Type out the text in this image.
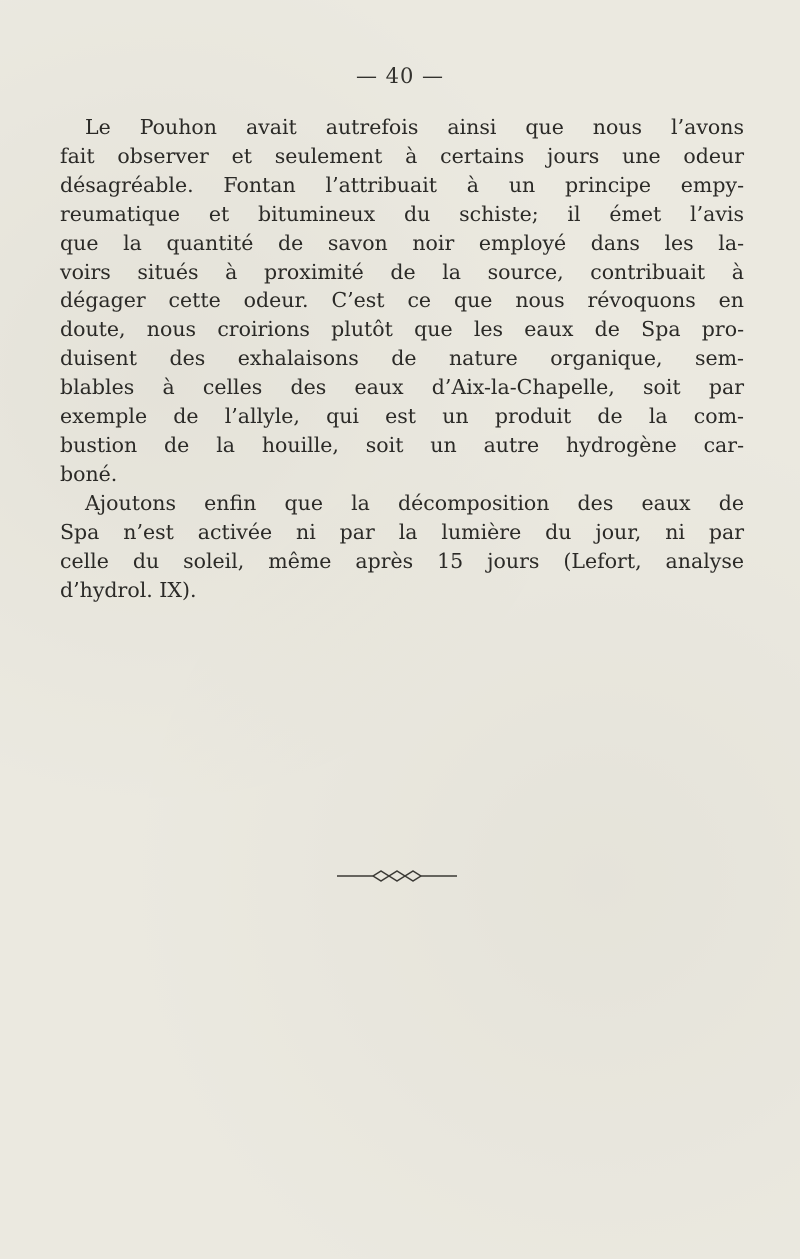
— 40 —

Le Pouhon avait autrefois ainsi que nous l’avons
fait observer et seulement à certains jours une odeur
désagréable. Fontan l’attribuait à un principe empy-
reumatique et bitumineux du schiste; il émet l’avis
que la quantité de savon noir employé dans les la-
voirs situés à proximité de la source, contribuait à
dégager cette odeur. C’est ce que nous révoquons en
doute, nous croirions plutôt que les eaux de Spa pro-
duisent des exhalaisons de nature organique, sem-
blables à celles des eaux d’Aix-la-Chapelle, soit par
exemple de l’allyle, qui est un produit de la com-
bustion de la houille, soit un autre hydrogène car-
boné.

Ajoutons enfin que la décomposition des eaux de
Spa n’est activée ni par la lumière du jour, ni par
celle du soleil, même après 15 jours (Lefort, analyse
d’hydrol. IX).
